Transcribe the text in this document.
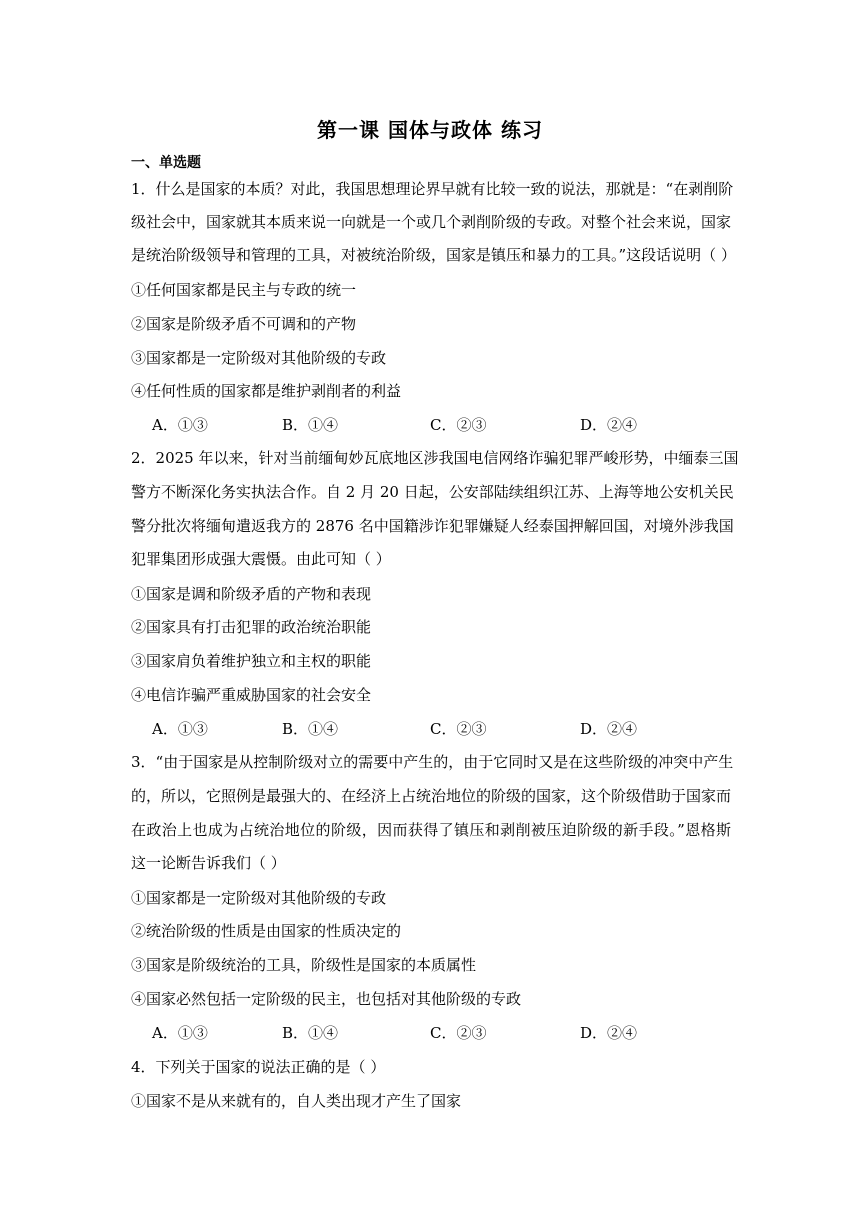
第一课 国体与政体 练习
一、单选题
1．什么是国家的本质？对此，我国思想理论界早就有比较一致的说法，那就是：“在剥削阶
级社会中，国家就其本质来说一向就是一个或几个剥削阶级的专政。对整个社会来说，国家
是统治阶级领导和管理的工具，对被统治阶级，国家是镇压和暴力的工具。”这段话说明（ ）
①任何国家都是民主与专政的统一
②国家是阶级矛盾不可调和的产物
③国家都是一定阶级对其他阶级的专政
④任何性质的国家都是维护剥削者的利益
A．①③	B．①④	C．②③	D．②④
2．2025 年以来，针对当前缅甸妙瓦底地区涉我国电信网络诈骗犯罪严峻形势，中缅泰三国
警方不断深化务实执法合作。自 2 月 20 日起，公安部陆续组织江苏、上海等地公安机关民
警分批次将缅甸遣返我方的 2876 名中国籍涉诈犯罪嫌疑人经泰国押解回国，对境外涉我国
犯罪集团形成强大震慑。由此可知（ ）
①国家是调和阶级矛盾的产物和表现
②国家具有打击犯罪的政治统治职能
③国家肩负着维护独立和主权的职能
④电信诈骗严重威胁国家的社会安全
A．①③	B．①④	C．②③	D．②④
3．“由于国家是从控制阶级对立的需要中产生的，由于它同时又是在这些阶级的冲突中产生
的，所以，它照例是最强大的、在经济上占统治地位的阶级的国家，这个阶级借助于国家而
在政治上也成为占统治地位的阶级，因而获得了镇压和剥削被压迫阶级的新手段。”恩格斯
这一论断告诉我们（ ）
①国家都是一定阶级对其他阶级的专政
②统治阶级的性质是由国家的性质决定的
③国家是阶级统治的工具，阶级性是国家的本质属性
④国家必然包括一定阶级的民主，也包括对其他阶级的专政
A．①③	B．①④	C．②③	D．②④
4．下列关于国家的说法正确的是（ ）
①国家不是从来就有的，自人类出现才产生了国家
